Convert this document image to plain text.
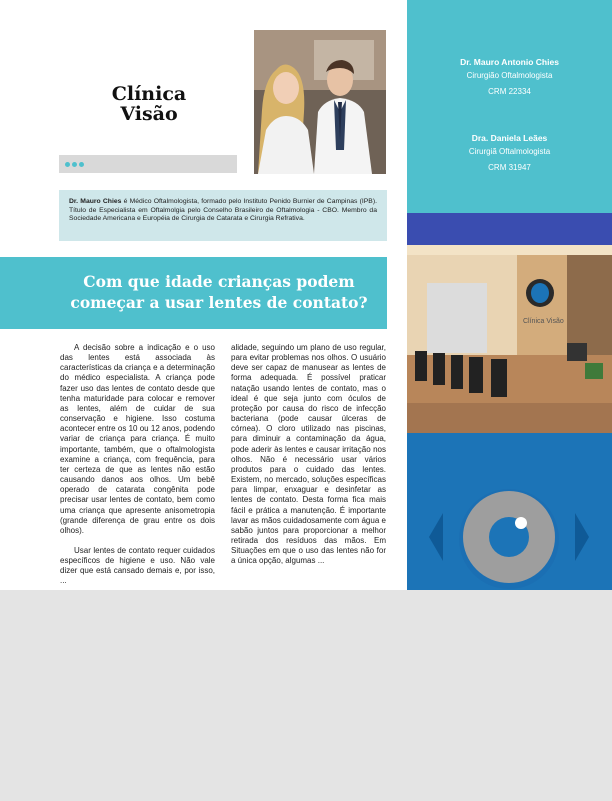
Clínica
Visão

Dr. Mauro Chies é Médico Oftalmologista, formado pelo Instituto Penido Burnier de Campinas (IPB). Título de Especialista em Oftalmolgia pelo Conselho Brasileiro de Oftalmologia - CBO. Membro da Sociedade Americana e Européia de Cirurgia de Catarata e Cirurgia Refrativa.

Com que idade crianças podem
começar a usar lentes de contato?

A decisão sobre a indicação e o uso das lentes está associada às características da criança e a determinação do médico especialista. A criança pode fazer uso das lentes de contato desde que tenha maturidade para colocar e remover as lentes, além de cuidar de sua conservação e higiene. Isso costuma acontecer entre os 10 ou 12 anos, podendo variar de criança para criança. É muito importante, também, que o oftalmologista examine a criança, com frequência, para ter certeza de que as lentes não estão causando danos aos olhos. Um bebê operado de catarata congênita pode precisar usar lentes de contato, bem como uma criança que apresente anisometropia (grande diferença de grau entre os dois olhos).

Usar lentes de contato requer cuidados específicos de higiene e uso. Não vale dizer que está cansado demais e, por isso, ...

alidade, seguindo um plano de uso regular, para evitar problemas nos olhos. O usuário deve ser capaz de manusear as lentes de forma adequada. É possível praticar natação usando lentes de contato, mas o ideal é que seja junto com óculos de proteção por causa do risco de infecção bacteriana (pode causar úlceras de córnea). O cloro utilizado nas piscinas, para diminuir a contaminação da água, pode aderir às lentes e causar irritação nos olhos. Não é necessário usar vários produtos para o cuidado das lentes. Existem, no mercado, soluções específicas para limpar, enxaguar e desinfetar as lentes de contato. Desta forma fica mais fácil e prática a manutenção. É importante lavar as mãos cuidadosamente com água e sabão juntos para proporcionar a melhor retirada dos resíduos das mãos. Em Situações em que o uso das lentes não for a única opção, algumas ...

Dr. Mauro Antonio Chies
Cirurgião Oftalmologista
CRM 22334
Dra. Daniela Leães
Cirurgiã Oftalmologista
CRM 31947
Clínica Visão
